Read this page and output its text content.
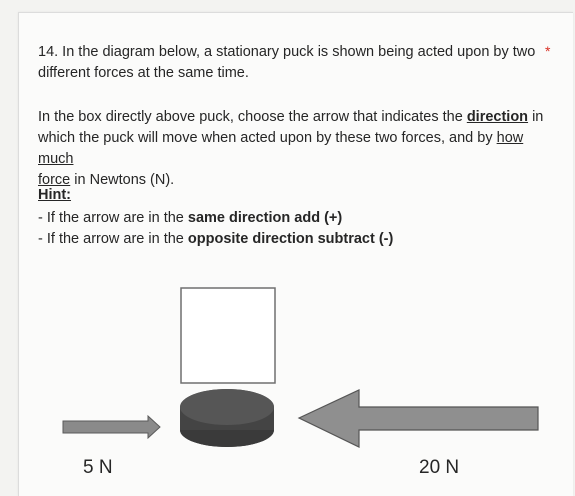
14. In the diagram below, a stationary puck is shown being acted upon by two different forces at the same time.
*
In the box directly above puck, choose the arrow that indicates the direction in which the puck will move when acted upon by these two forces, and by how much
force in Newtons (N).
Hint:
- If the arrow are in the same direction add (+)
- If the arrow are in the opposite direction subtract (-)
5 N	20 N
